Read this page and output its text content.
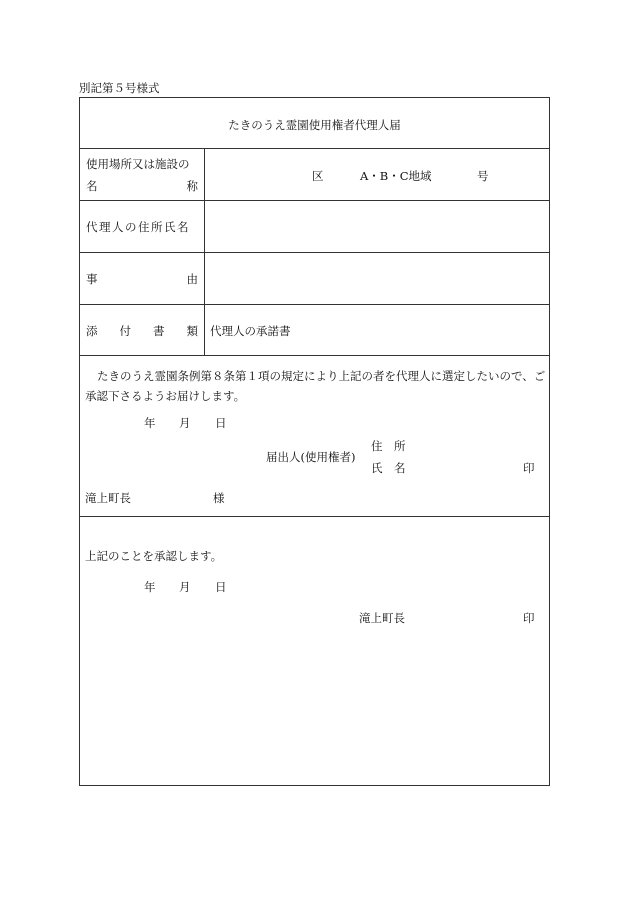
別記第５号様式
たきのうえ霊園使用権者代理人届
使用場所又は施設の
名	称
区	A・B・C地域	号
代理人の住所氏名
事	由
添 付 書 類 代理人の承諾書
たきのうえ霊園条例第８条第１項の規定により上記の者を代理人に選定したいので、ご
承認下さるようお届けします。
年 月 日
届出人(使用権者)
住　所
氏　名	印
滝上町長	様
上記のことを承認します。
年 月 日
滝上町長	印
